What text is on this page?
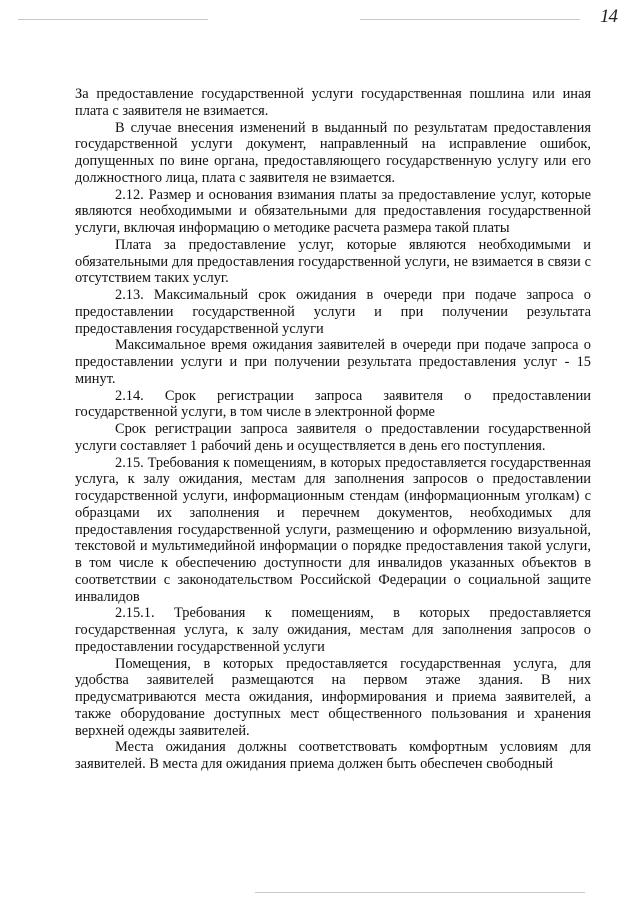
14

За предоставление государственной услуги государственная пошлина или иная плата с заявителя не взимается.

В случае внесения изменений в выданный по результатам предоставления государственной услуги документ, направленный на исправление ошибок, допущенных по вине органа, предоставляющего государственную услугу или его должностного лица, плата с заявителя не взимается.

2.12. Размер и основания взимания платы за предоставление услуг, которые являются необходимыми и обязательными для предоставления государственной услуги, включая информацию о методике расчета размера такой платы

Плата за предоставление услуг, которые являются необходимыми и обязательными для предоставления государственной услуги, не взимается в связи с отсутствием таких услуг.

2.13. Максимальный срок ожидания в очереди при подаче запроса о предоставлении государственной услуги и при получении результата предоставления государственной услуги

Максимальное время ожидания заявителей в очереди при подаче запроса о предоставлении услуги и при получении результата предоставления услуг - 15 минут.

2.14. Срок регистрации запроса заявителя о предоставлении государственной услуги, в том числе в электронной форме

Срок регистрации запроса заявителя о предоставлении государственной услуги составляет 1 рабочий день и осуществляется в день его поступления.

2.15. Требования к помещениям, в которых предоставляется государственная услуга, к залу ожидания, местам для заполнения запросов о предоставлении государственной услуги, информационным стендам (информационным уголкам) с образцами их заполнения и перечнем документов, необходимых для предоставления государственной услуги, размещению и оформлению визуальной, текстовой и мультимедийной информации о порядке предоставления такой услуги, в том числе к обеспечению доступности для инвалидов указанных объектов в соответствии с законодательством Российской Федерации о социальной защите инвалидов

2.15.1. Требования к помещениям, в которых предоставляется государственная услуга, к залу ожидания, местам для заполнения запросов о предоставлении государственной услуги

Помещения, в которых предоставляется государственная услуга, для удобства заявителей размещаются на первом этаже здания. В них предусматриваются места ожидания, информирования и приема заявителей, а также оборудование доступных мест общественного пользования и хранения верхней одежды заявителей.

Места ожидания должны соответствовать комфортным условиям для заявителей. В места для ожидания приема должен быть обеспечен свободный
